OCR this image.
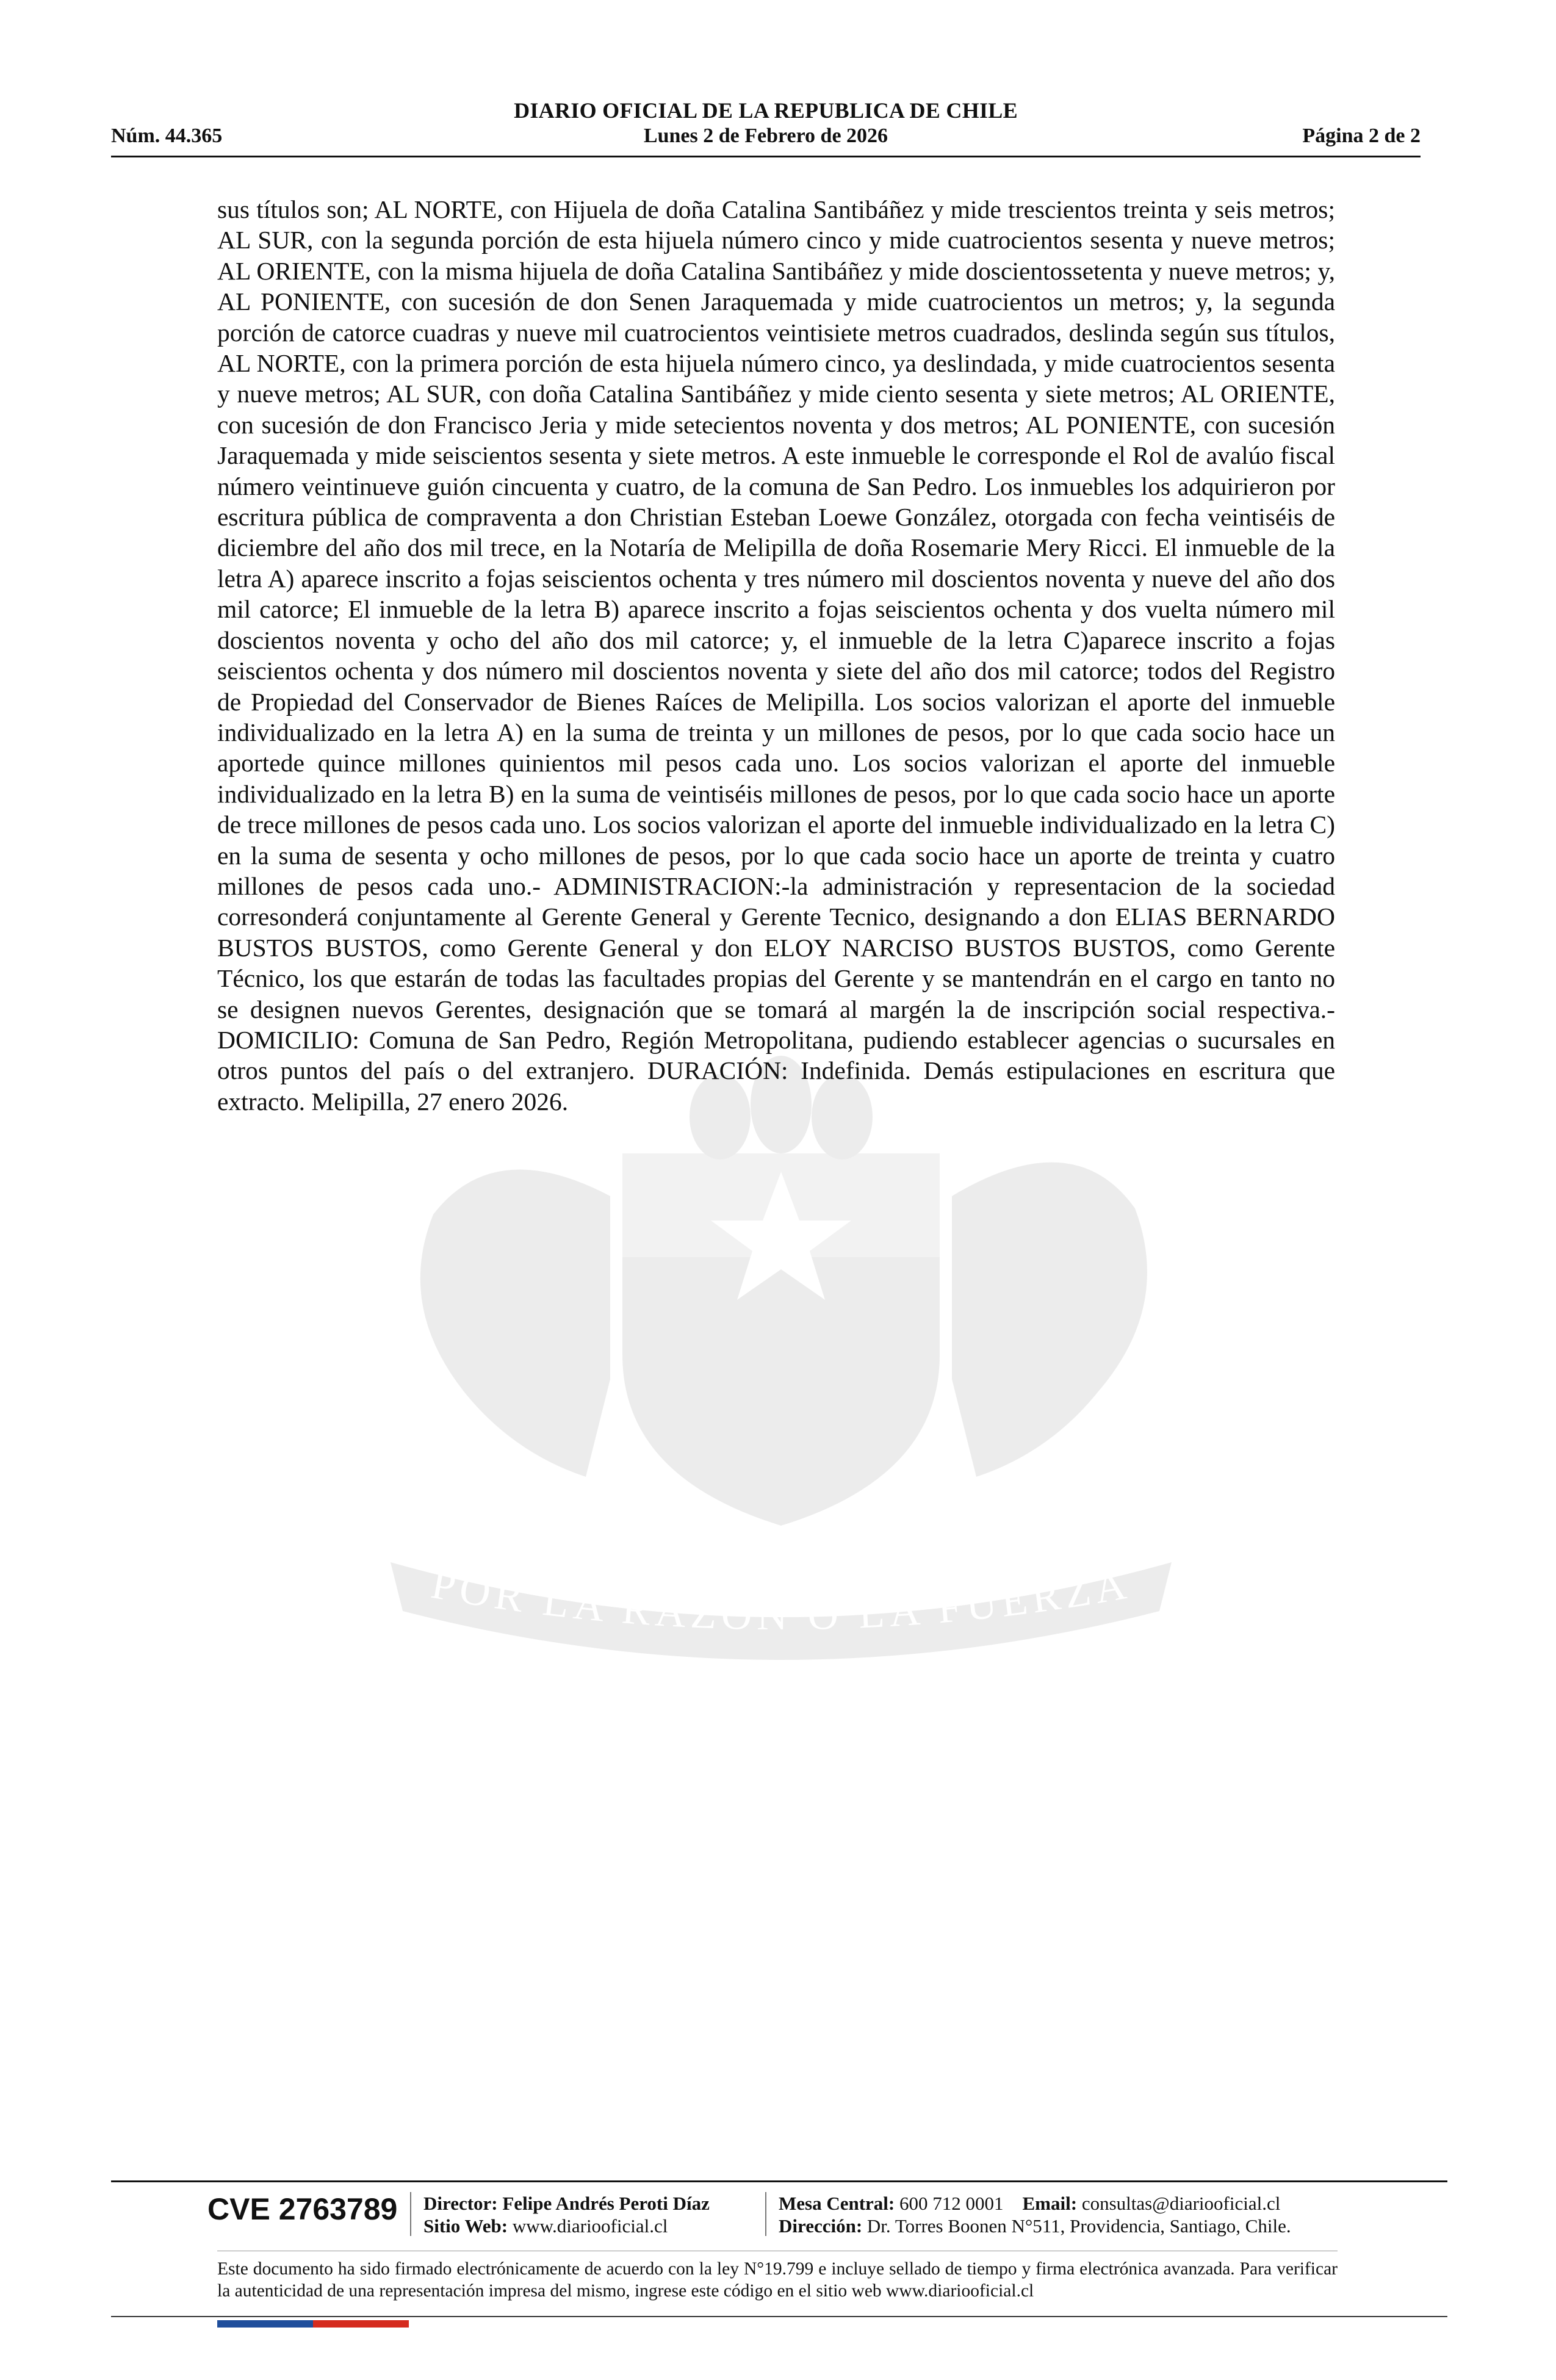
DIARIO OFICIAL DE LA REPUBLICA DE CHILE
Núm. 44.365	Lunes 2 de Febrero de 2026	Página 2 de 2
POR LA RAZON O LA FUERZA

sus títulos son; AL NORTE, con Hijuela de doña Catalina Santibáñez y mide trescientos treinta y seis metros; AL SUR, con la segunda porción de esta hijuela número cinco y mide cuatrocientos sesenta y nueve metros; AL ORIENTE, con la misma hijuela de doña Catalina Santibáñez y mide doscientossetenta y nueve metros; y, AL PONIENTE, con sucesión de don Senen Jaraquemada y mide cuatrocientos un metros; y, la segunda porción de catorce cuadras y nueve mil cuatrocientos veintisiete metros cuadrados, deslinda según sus títulos, AL NORTE, con la primera porción de esta hijuela número cinco, ya deslindada, y mide cuatrocientos sesenta y nueve metros; AL SUR, con doña Catalina Santibáñez y mide ciento sesenta y siete metros; AL ORIENTE, con sucesión de don Francisco Jeria y mide setecientos noventa y dos metros; AL PONIENTE, con sucesión Jaraquemada y mide seiscientos sesenta y siete metros. A este inmueble le corresponde el Rol de avalúo fiscal número veintinueve guión cincuenta y cuatro, de la comuna de San Pedro. Los inmuebles los adquirieron por escritura pública de compraventa a don Christian Esteban Loewe González, otorgada con fecha veintiséis de diciembre del año dos mil trece, en la Notaría de Melipilla de doña Rosemarie Mery Ricci. El inmueble de la letra A) aparece inscrito a fojas seiscientos ochenta y tres número mil doscientos noventa y nueve del año dos mil catorce; El inmueble de la letra B) aparece inscrito a fojas seiscientos ochenta y dos vuelta número mil doscientos noventa y ocho del año dos mil catorce; y, el inmueble de la letra C)aparece inscrito a fojas seiscientos ochenta y dos número mil doscientos noventa y siete del año dos mil catorce; todos del Registro de Propiedad del Conservador de Bienes Raíces de Melipilla. Los socios valorizan el aporte del inmueble individualizado en la letra A) en la suma de treinta y un millones de pesos, por lo que cada socio hace un aportede quince millones quinientos mil pesos cada uno. Los socios valorizan el aporte del inmueble individualizado en la letra B) en la suma de veintiséis millones de pesos, por lo que cada socio hace un aporte de trece millones de pesos cada uno. Los socios valorizan el aporte del inmueble individualizado en la letra C) en la suma de sesenta y ocho millones de pesos, por lo que cada socio hace un aporte de treinta y cuatro millones de pesos cada uno.- ADMINISTRACION:-la administración y representacion de la sociedad corresonderá conjuntamente al Gerente General y Gerente Tecnico, designando a don ELIAS BERNARDO BUSTOS BUSTOS, como Gerente General y don ELOY NARCISO BUSTOS BUSTOS, como Gerente Técnico, los que estarán de todas las facultades propias del Gerente y se mantendrán en el cargo en tanto no se designen nuevos Gerentes, designación que se tomará al margén la de inscripción social respectiva.- DOMICILIO: Comuna de San Pedro, Región Metropolitana, pudiendo establecer agencias o sucursales en otros puntos del país o del extranjero. DURACIÓN: Indefinida. Demás estipulaciones en escritura que extracto. Melipilla, 27 enero 2026.

CVE 2763789 Director: Felipe Andrés Peroti Díaz
Sitio Web: www.diariooficial.cl
Mesa Central: 600 712 0001 Email: consultas@diariooficial.cl
Dirección: Dr. Torres Boonen N°511, Providencia, Santiago, Chile.
Este documento ha sido firmado electrónicamente de acuerdo con la ley N°19.799 e incluye sellado de tiempo y firma electrónica avanzada. Para verificar la autenticidad de una representación impresa del mismo, ingrese este código en el sitio web www.diariooficial.cl
